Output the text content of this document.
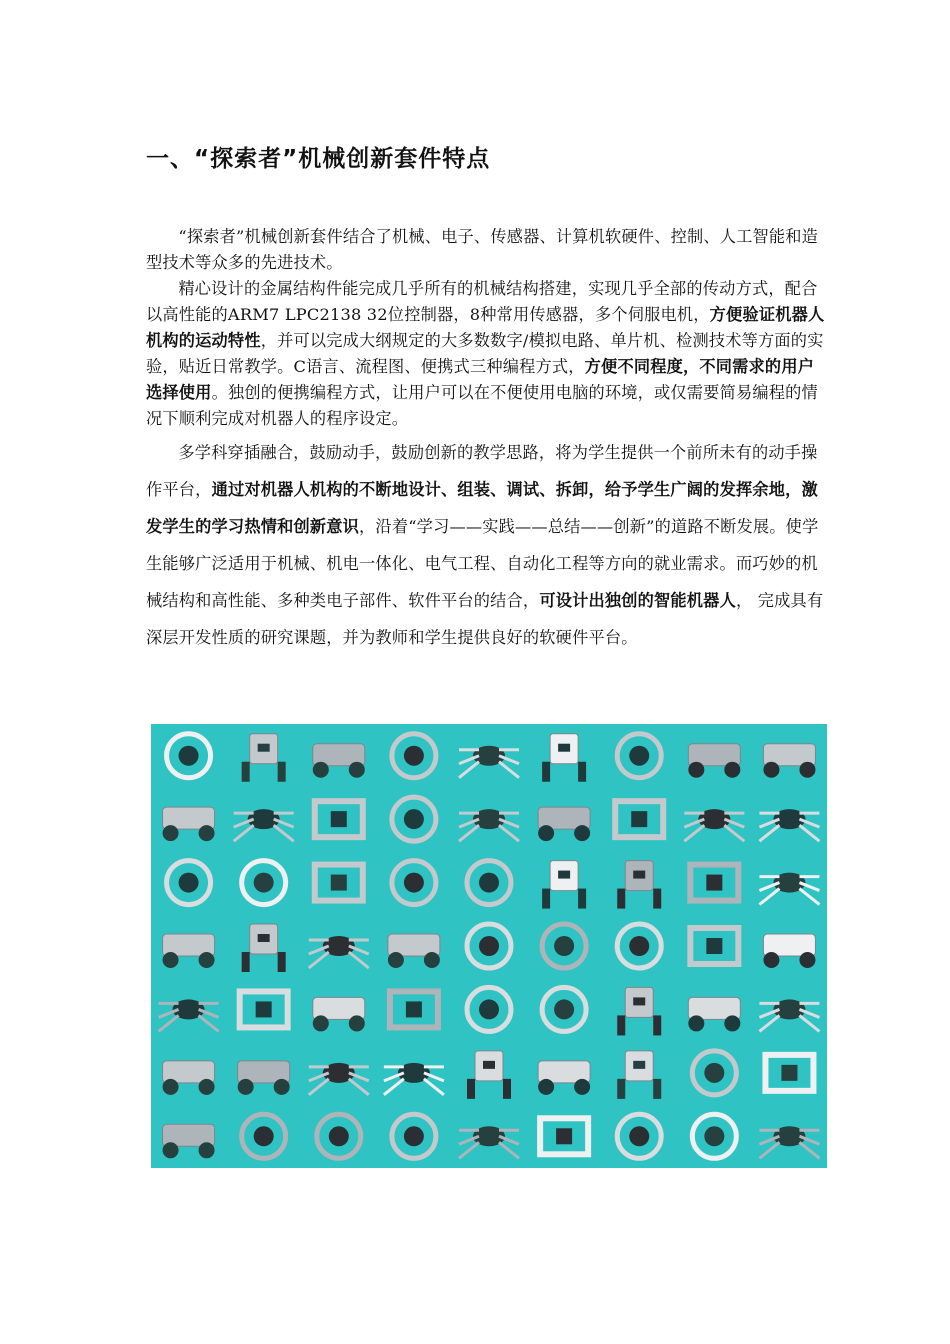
一、“探索者”机械创新套件特点

“探索者”机械创新套件结合了机械、电子、传感器、计算机软硬件、控制、人工智能和造型技术等众多的先进技术。

精心设计的金属结构件能完成几乎所有的机械结构搭建，实现几乎全部的传动方式，配合以高性能的ARM7 LPC2138 32位控制器，8种常用传感器，多个伺服电机，方便验证机器人机构的运动特性，并可以完成大纲规定的大多数数字/模拟电路、单片机、检测技术等方面的实验，贴近日常教学。C语言、流程图、便携式三种编程方式，方便不同程度，不同需求的用户选择使用。独创的便携编程方式，让用户可以在不便使用电脑的环境，或仅需要简易编程的情况下顺利完成对机器人的程序设定。

多学科穿插融合，鼓励动手，鼓励创新的教学思路，将为学生提供一个前所未有的动手操作平台，通过对机器人机构的不断地设计、组装、调试、拆卸，给予学生广阔的发挥余地，激发学生的学习热情和创新意识，沿着“学习——实践——总结——创新”的道路不断发展。使学生能够广泛适用于机械、机电一体化、电气工程、自动化工程等方向的就业需求。而巧妙的机械结构和高性能、多种类电子部件、软件平台的结合，可设计出独创的智能机器人， 完成具有深层开发性质的研究课题，并为教师和学生提供良好的软硬件平台。
